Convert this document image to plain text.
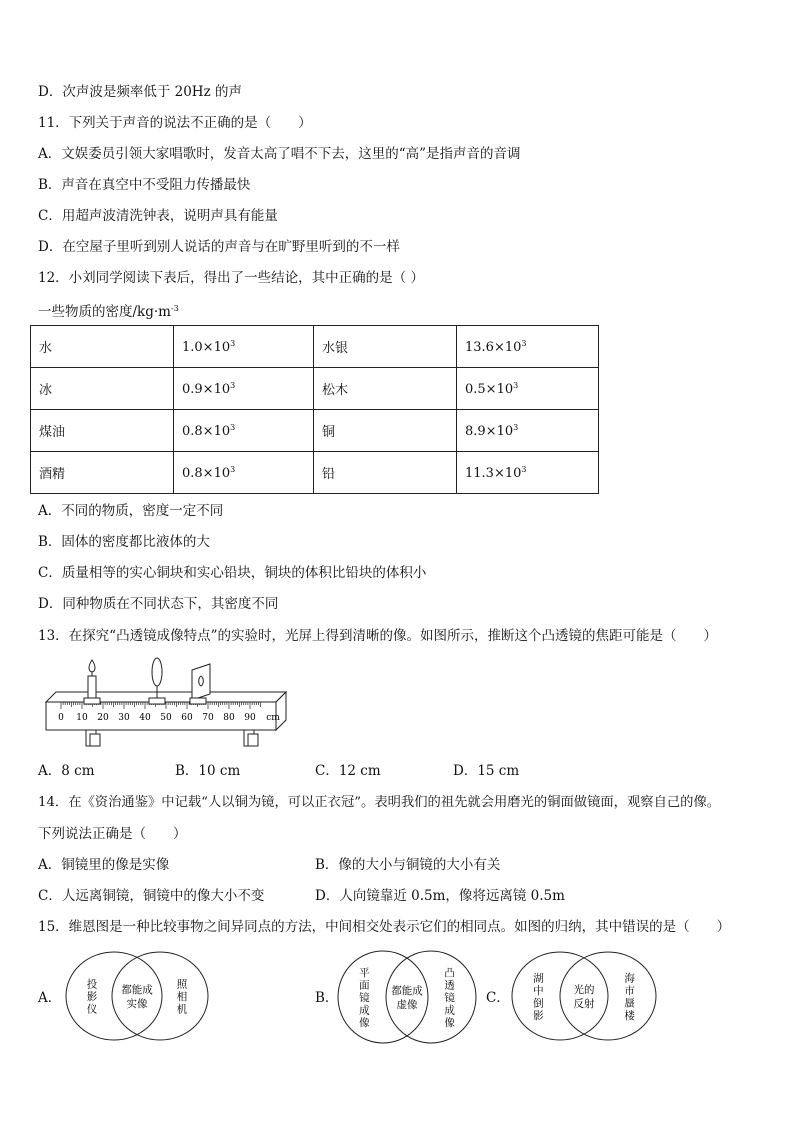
D．次声波是频率低于 20Hz 的声
11．下列关于声音的说法不正确的是（　　）
A．文娱委员引领大家唱歌时，发音太高了唱不下去，这里的“高”是指声音的音调
B．声音在真空中不受阻力传播最快
C．用超声波清洗钟表，说明声具有能量
D．在空屋子里听到别人说话的声音与在旷野里听到的不一样
12．小刘同学阅读下表后，得出了一些结论，其中正确的是（ ）
一些物质的密度$/kg\cdot m^{-3}$
水	$1.0\times 10^3$	水银	$13.6\times 10^3$
冰	$0.9\times 10^3$	松木	$0.5\times 10^3$
煤油	$0.8\times 10^3$	铜	$8.9\times 10^3$
酒精	$0.8\times 10^3$	铅	$11.3\times 10^3$
A．不同的物质，密度一定不同
B．固体的密度都比液体的大
C．质量相等的实心铜块和实心铅块，铜块的体积比铅块的体积小
D．同种物质在不同状态下，其密度不同
13．在探究“凸透镜成像特点”的实验时，光屏上得到清晰的像。如图所示，推断这个凸透镜的焦距可能是（　　）
0 10 20 30 40 50 60 70 80 90 cm
A．8 cm	B．10 cm	C．12 cm	D．15 cm
14．在《资治通鉴》中记载“人以铜为镜，可以正衣冠”。表明我们的祖先就会用磨光的铜面做镜面，观察自己的像。
下列说法正确是（　　）
A．铜镜里的像是实像	B．像的大小与铜镜的大小有关
C．人远离铜镜，铜镜中的像大小不变	D．人向镜靠近 0.5m，像将远离镜 0.5m
15．维恩图是一种比较事物之间异同点的方法，中间相交处表示它们的相同点。如图的归纳，其中错误的是（　　）
A．
投
影
仪
照
相
机
都能成
实像	B．
平
面
镜
成
像
凸
透
镜
成
像
都能成
虚像	C．
湖
中
倒
影
海
市
蜃
楼
光的
反射
